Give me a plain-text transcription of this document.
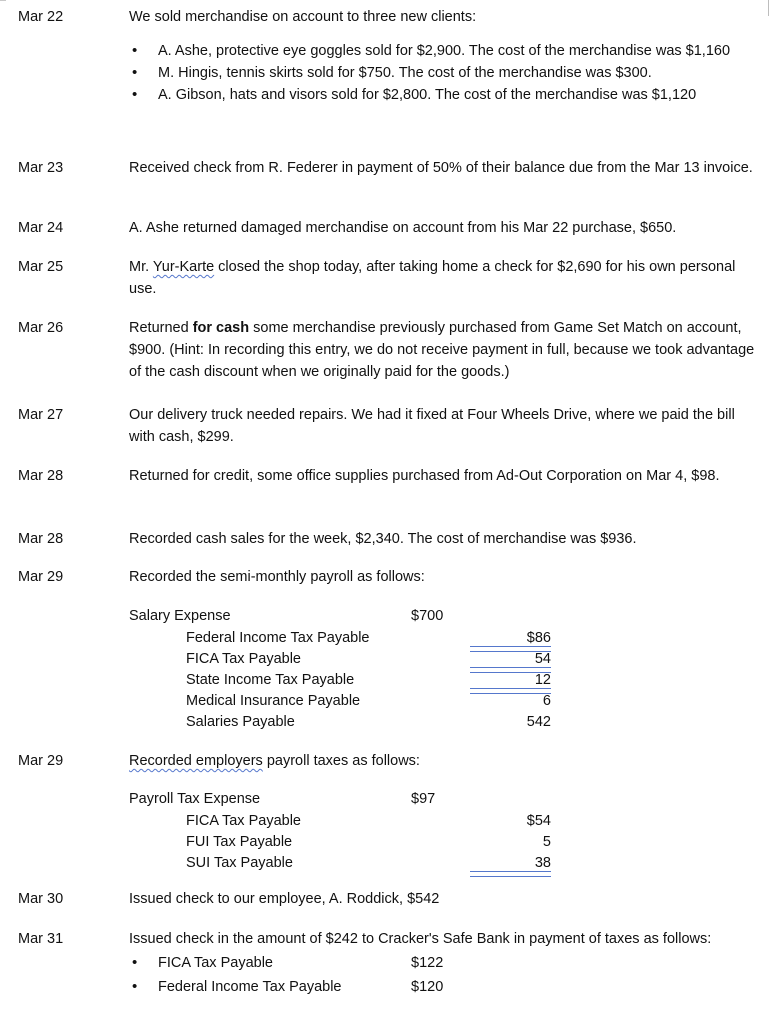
Mar 22	We sold merchandise on account to three new clients:

• A. Ashe, protective eye goggles sold for $2,900. The cost of the merchandise was $1,160
• M. Hingis, tennis skirts sold for $750. The cost of the merchandise was $300.
• A. Gibson, hats and visors sold for $2,800. The cost of the merchandise was $1,120
Mar 23	Received check from R. Federer in payment of 50% of their balance due from the Mar 13 invoice.

Mar 24	A. Ashe returned damaged merchandise on account from his Mar 22 purchase, $650.

Mar 25	Mr. Yur-Karte closed the shop today, after taking home a check for $2,690 for his own personal use.

Mar 26	Returned for cash some merchandise previously purchased from Game Set Match on account, $900. (Hint: In recording this entry, we do not receive payment in full, because we took advantage of the cash discount when we originally paid for the goods.)

Mar 27	Our delivery truck needed repairs. We had it fixed at Four Wheels Drive, where we paid the bill with cash, $299.

Mar 28	Returned for credit, some office supplies purchased from Ad-Out Corporation on Mar 4, $98.

Mar 28	Recorded cash sales for the week, $2,340. The cost of merchandise was $936.

Mar 29	Recorded the semi-monthly payroll as follows:

Salary Expense	$700
Federal Income Tax Payable	$86
FICA Tax Payable	54
State Income Tax Payable	12
Medical Insurance Payable	6
Salaries Payable	542
Mar 29	Recorded employers payroll taxes as follows:

Payroll Tax Expense	$97
FICA Tax Payable	$54
FUI Tax Payable	5
SUI Tax Payable	38
Mar 30	Issued check to our employee, A. Roddick, $542

Mar 31	Issued check in the amount of $242 to Cracker's Safe Bank in payment of taxes as follows:

• FICA Tax Payable	$122
• Federal Income Tax Payable	$120
